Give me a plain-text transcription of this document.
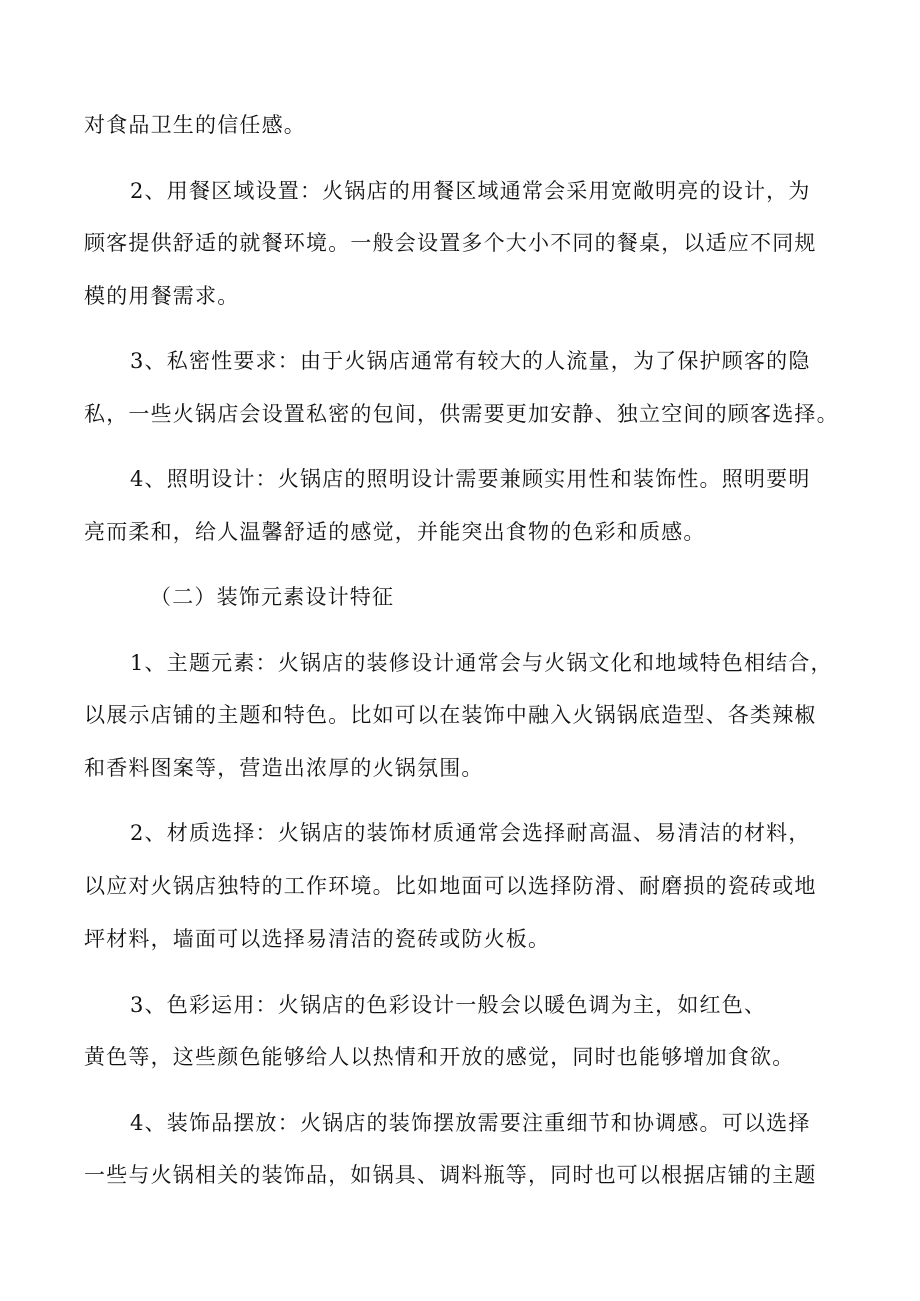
对食品卫生的信任感。
2、用餐区域设置：火锅店的用餐区域通常会采用宽敞明亮的设计，为
顾客提供舒适的就餐环境。一般会设置多个大小不同的餐桌，以适应不同规
模的用餐需求。
3、私密性要求：由于火锅店通常有较大的人流量，为了保护顾客的隐
私，一些火锅店会设置私密的包间，供需要更加安静、独立空间的顾客选择。
4、照明设计：火锅店的照明设计需要兼顾实用性和装饰性。照明要明
亮而柔和，给人温馨舒适的感觉，并能突出食物的色彩和质感。
（二）装饰元素设计特征
1、主题元素：火锅店的装修设计通常会与火锅文化和地域特色相结合，
以展示店铺的主题和特色。比如可以在装饰中融入火锅锅底造型、各类辣椒
和香料图案等，营造出浓厚的火锅氛围。
2、材质选择：火锅店的装饰材质通常会选择耐高温、易清洁的材料，
以应对火锅店独特的工作环境。比如地面可以选择防滑、耐磨损的瓷砖或地
坪材料，墙面可以选择易清洁的瓷砖或防火板。
3、色彩运用：火锅店的色彩设计一般会以暖色调为主，如红色、
黄色等，这些颜色能够给人以热情和开放的感觉，同时也能够增加食欲。
4、装饰品摆放：火锅店的装饰摆放需要注重细节和协调感。可以选择
一些与火锅相关的装饰品，如锅具、调料瓶等，同时也可以根据店铺的主题
